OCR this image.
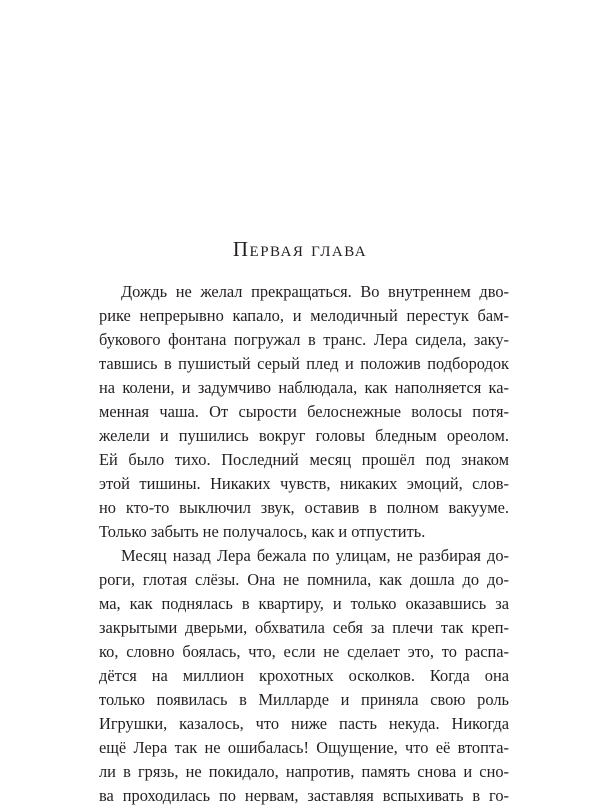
Первая глава
Дождь не желал прекращаться. Во внутреннем дво-
рике непрерывно капало, и мелодичный перестук бам-
букового фонтана погружал в транс. Лера сидела, заку-
тавшись в пушистый серый плед и положив подбородок
на колени, и задумчиво наблюдала, как наполняется ка-
менная чаша. От сырости белоснежные волосы потя-
желели и пушились вокруг головы бледным ореолом.
Ей было тихо. Последний месяц прошёл под знаком
этой тишины. Никаких чувств, никаких эмоций, слов-
но кто-то выключил звук, оставив в полном вакууме.
Только забыть не получалось, как и отпустить.
Месяц назад Лера бежала по улицам, не разбирая до-
роги, глотая слёзы. Она не помнила, как дошла до до-
ма, как поднялась в квартиру, и только оказавшись за
закрытыми дверьми, обхватила себя за плечи так креп-
ко, словно боялась, что, если не сделает это, то распа-
дётся на миллион крохотных осколков. Когда она
только появилась в Милларде и приняла свою роль
Игрушки, казалось, что ниже пасть некуда. Никогда
ещё Лера так не ошибалась! Ощущение, что её втопта-
ли в грязь, не покидало, напротив, память снова и сно-
ва проходилась по нервам, заставляя вспыхивать в го-
